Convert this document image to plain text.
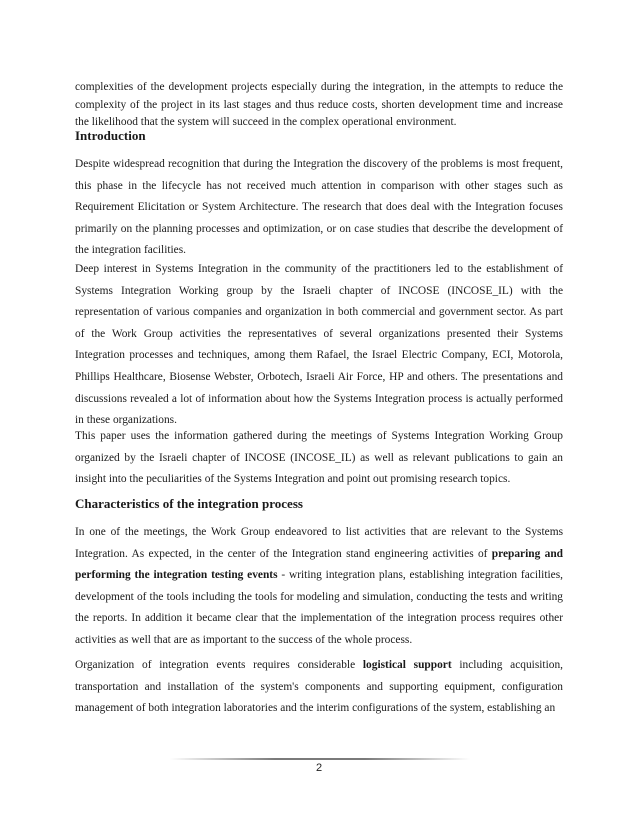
complexities of the development projects especially during the integration, in the attempts to reduce the complexity of the project in its last stages and thus reduce costs, shorten development time and increase the likelihood that the system will succeed in the complex operational environment.

Introduction

Despite widespread recognition that during the Integration the discovery of the problems is most frequent, this phase in the lifecycle has not received much attention in comparison with other stages such as Requirement Elicitation or System Architecture. The research that does deal with the Integration focuses primarily on the planning processes and optimization, or on case studies that describe the development of the integration facilities.

Deep interest in Systems Integration in the community of the practitioners led to the establishment of Systems Integration Working group by the Israeli chapter of INCOSE (INCOSE_IL) with the representation of various companies and organization in both commercial and government sector. As part of the Work Group activities the representatives of several organizations presented their Systems Integration processes and techniques, among them Rafael, the Israel Electric Company, ECI, Motorola, Phillips Healthcare, Biosense Webster, Orbotech, Israeli Air Force, HP and others. The presentations and discussions revealed a lot of information about how the Systems Integration process is actually performed in these organizations.

This paper uses the information gathered during the meetings of Systems Integration Working Group organized by the Israeli chapter of INCOSE (INCOSE_IL) as well as relevant publications to gain an insight into the peculiarities of the Systems Integration and point out promising research topics.

Characteristics of the integration process

In one of the meetings, the Work Group endeavored to list activities that are relevant to the Systems Integration. As expected, in the center of the Integration stand engineering activities of preparing and performing the integration testing events - writing integration plans, establishing integration facilities, development of the tools including the tools for modeling and simulation, conducting the tests and writing the reports. In addition it became clear that the implementation of the integration process requires other activities as well that are as important to the success of the whole process.

Organization of integration events requires considerable logistical support including acquisition, transportation and installation of the system's components and supporting equipment, configuration management of both integration laboratories and the interim configurations of the system, establishing an

2
